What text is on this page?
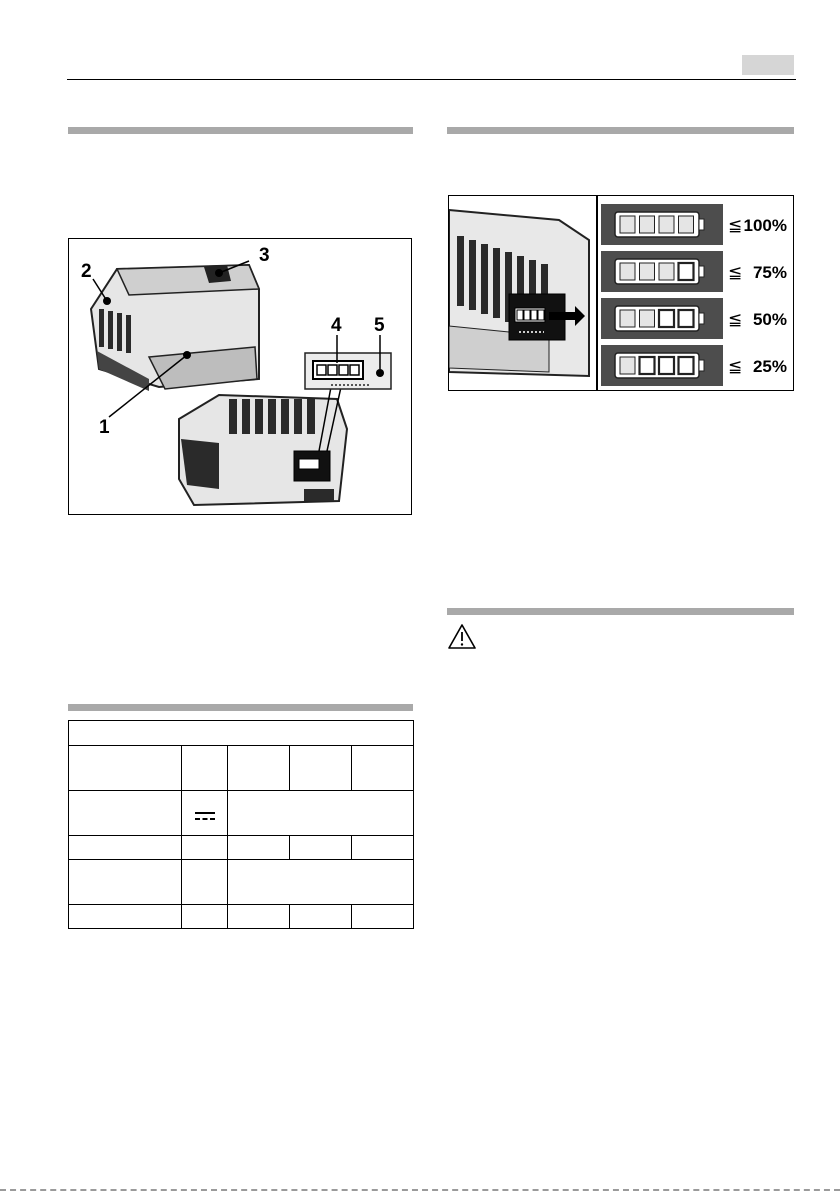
2
3
4 5
1

≦ 100%
≦ 75%
≦ 50%
≦ 25%
